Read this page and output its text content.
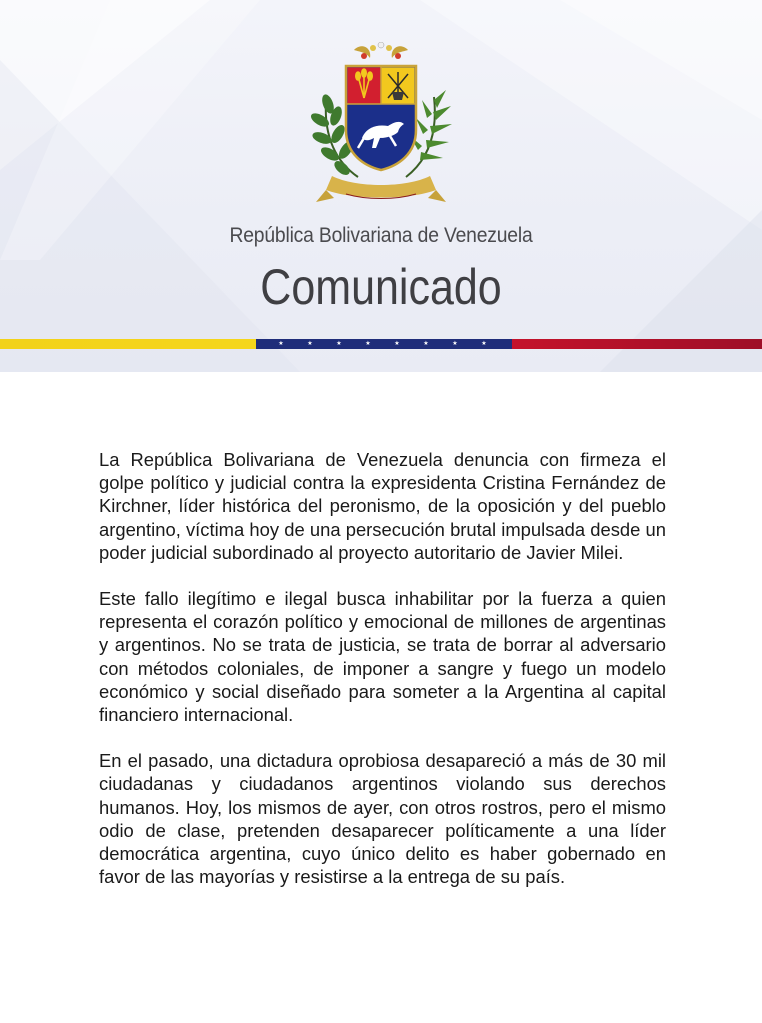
República Bolivariana de Venezuela
Comunicado
★	★	★	★	★	★	★	★

La República Bolivariana de Venezuela denuncia con firmeza el golpe político y judicial contra la expresidenta Cristina Fernández de Kirchner, líder histórica del peronismo, de la oposición y del pueblo argentino, víctima hoy de una persecución brutal impulsada desde un poder judicial subordinado al proyecto autoritario de Javier Milei.

Este fallo ilegítimo e ilegal busca inhabilitar por la fuerza a quien representa el corazón político y emocional de millones de argentinas y argentinos. No se trata de justicia, se trata de borrar al adversario con métodos coloniales, de imponer a sangre y fuego un modelo económico y social diseñado para someter a la Argentina al capital financiero internacional.

En el pasado, una dictadura oprobiosa desapareció a más de 30 mil ciudadanas y ciudadanos argentinos violando sus derechos humanos. Hoy, los mismos de ayer, con otros rostros, pero el mismo odio de clase, pretenden desaparecer políticamente a una líder democrática argentina, cuyo único delito es haber gobernado en favor de las mayorías y resistirse a la entrega de su país.
